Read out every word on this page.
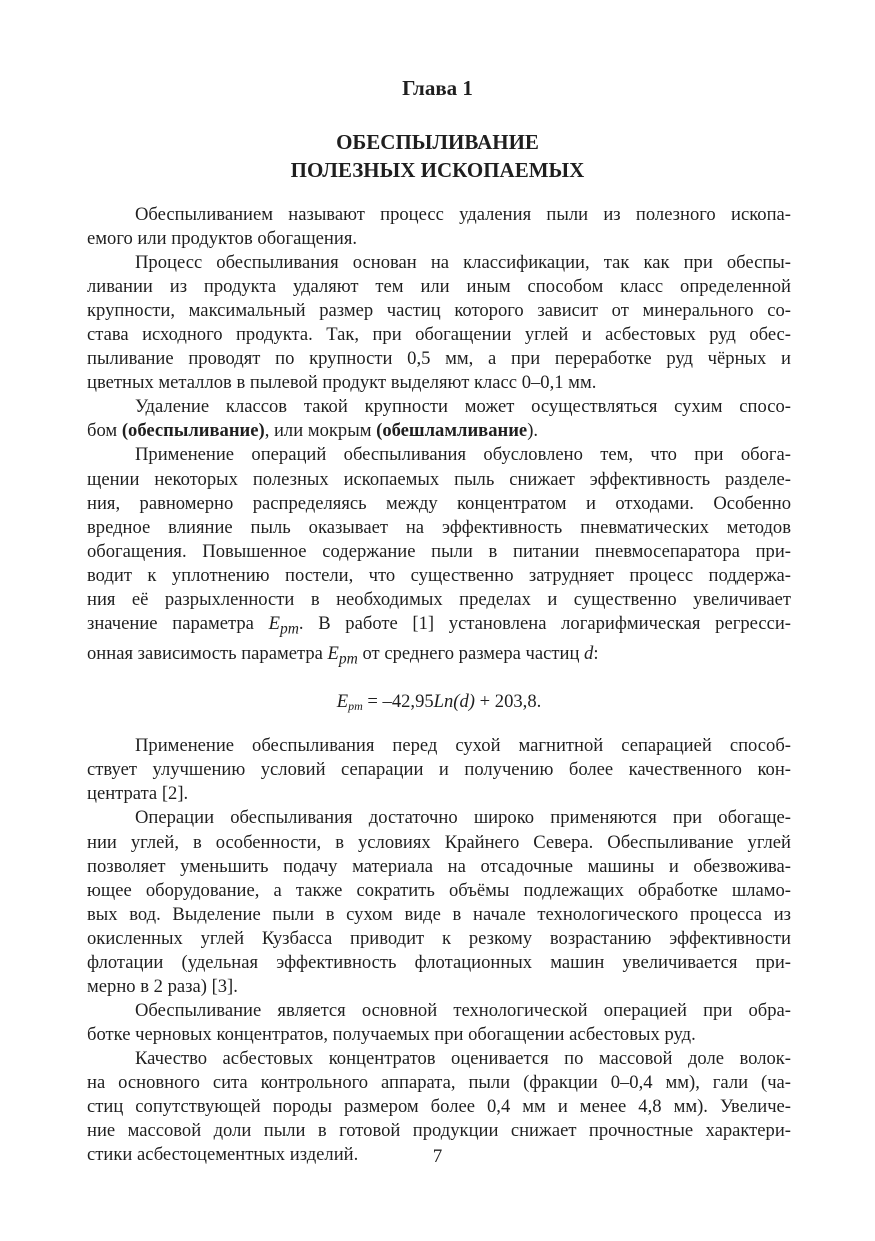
Глава 1
ОБЕСПЫЛИВАНИЕ
ПОЛЕЗНЫХ ИСКОПАЕМЫХ

Обеспыливанием называют процесс удаления пыли из полезного ископа-
емого или продуктов обогащения.

Процесс обеспыливания основан на классификации, так как при обеспы-
ливании из продукта удаляют тем или иным способом класс определенной
крупности, максимальный размер частиц которого зависит от минерального со-
става исходного продукта. Так, при обогащении углей и асбестовых руд обес-
пыливание проводят по крупности 0,5 мм, а при переработке руд чёрных и
цветных металлов в пылевой продукт выделяют класс 0–0,1 мм.

Удаление классов такой крупности может осуществляться сухим спосо-
бом (обеспыливание), или мокрым (обешламливание).

Применение операций обеспыливания обусловлено тем, что при обога-
щении некоторых полезных ископаемых пыль снижает эффективность разделе-
ния, равномерно распределяясь между концентратом и отходами. Особенно
вредное влияние пыль оказывает на эффективность пневматических методов
обогащения. Повышенное содержание пыли в питании пневмосепаратора при-
водит к уплотнению постели, что существенно затрудняет процесс поддержа-
ния её разрыхленности в необходимых пределах и существенно увеличивает
значение параметра $E_{pm}$. В работе [1] установлена логарифмическая регресси-
онная зависимость параметра $E_{pm}$ от среднего размера частиц d:

$E_{pm} = -42,95Ln(d) + 203,8$.

Применение обеспыливания перед сухой магнитной сепарацией способ-
ствует улучшению условий сепарации и получению более качественного кон-
центрата [2].

Операции обеспыливания достаточно широко применяются при обогаще-
нии углей, в особенности, в условиях Крайнего Севера. Обеспыливание углей
позволяет уменьшить подачу материала на отсадочные машины и обезвожива-
ющее оборудование, а также сократить объёмы подлежащих обработке шламо-
вых вод. Выделение пыли в сухом виде в начале технологического процесса из
окисленных углей Кузбасса приводит к резкому возрастанию эффективности
флотации (удельная эффективность флотационных машин увеличивается при-
мерно в 2 раза) [3].

Обеспыливание является основной технологической операцией при обра-
ботке черновых концентратов, получаемых при обогащении асбестовых руд.

Качество асбестовых концентратов оценивается по массовой доле волок-
на основного сита контрольного аппарата, пыли (фракции 0–0,4 мм), гали (ча-
стиц сопутствующей породы размером более 0,4 мм и менее 4,8 мм). Увеличе-
ние массовой доли пыли в готовой продукции снижает прочностные характери-
стики асбестоцементных изделий.	7
